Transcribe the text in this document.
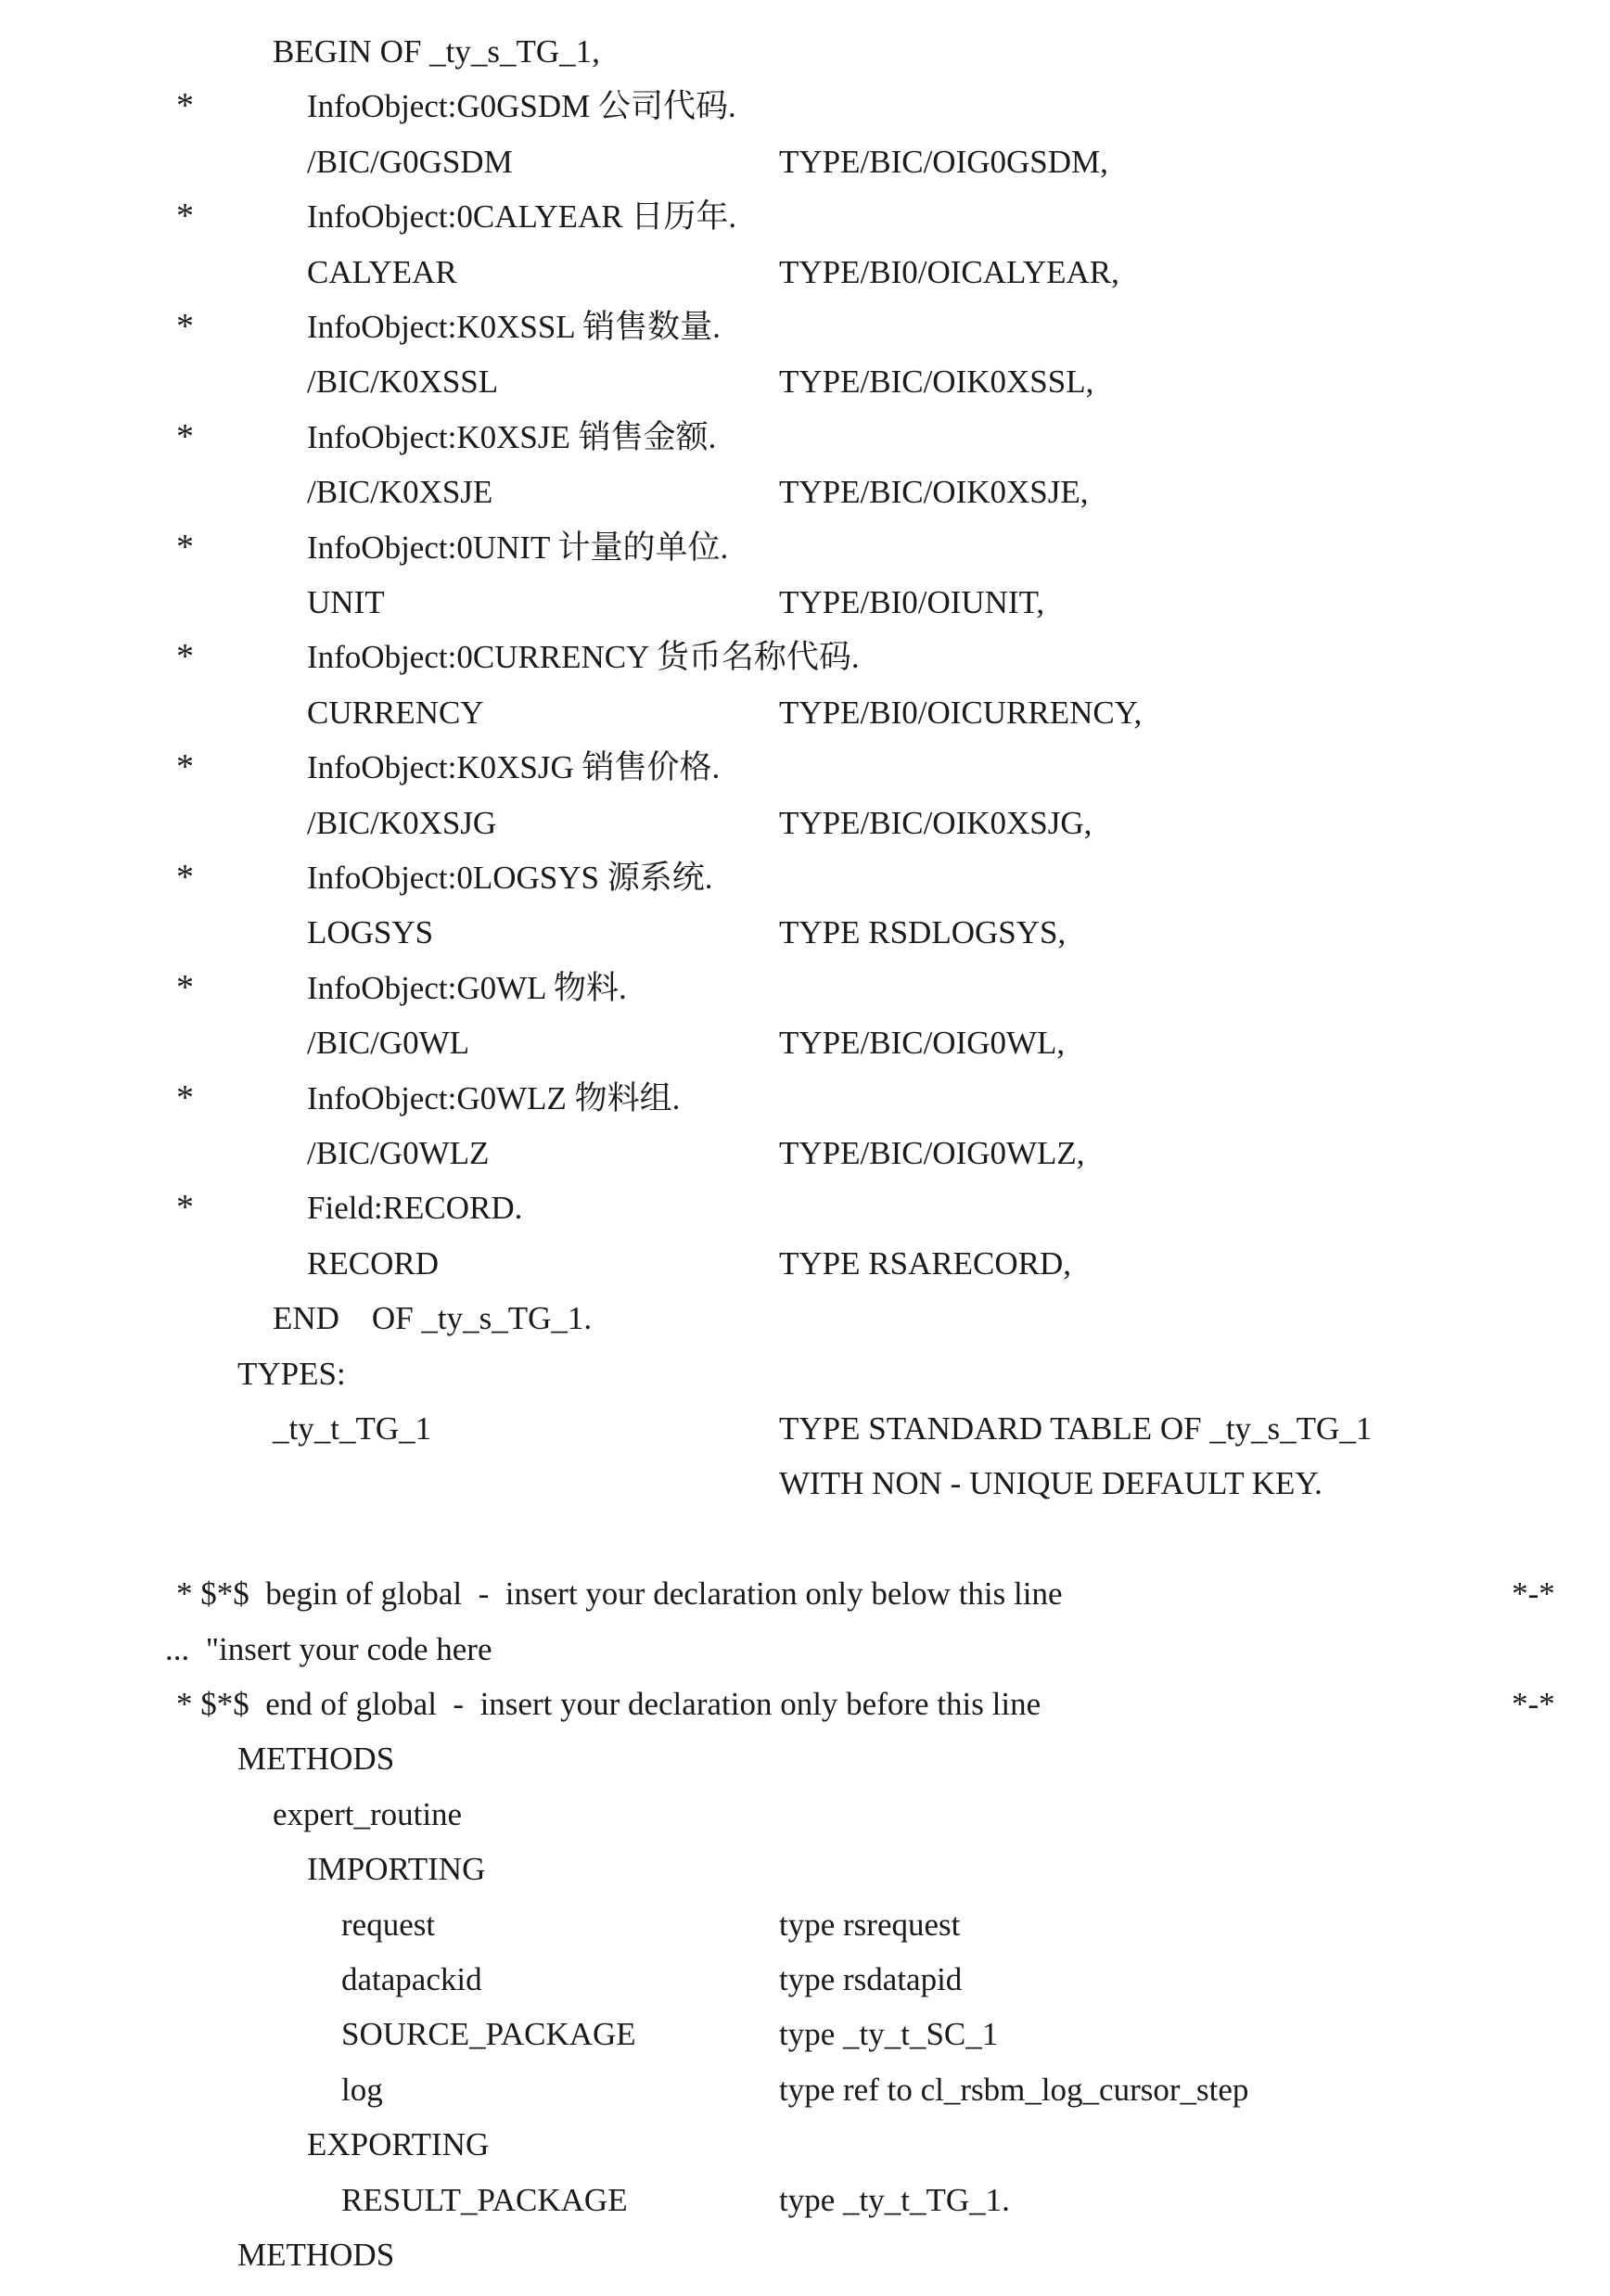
BEGIN OF _ty_s_TG_1,
*	InfoObject:G0GSDM 公司代码.
/BIC/G0GSDM	TYPE/BIC/OIG0GSDM,
*	InfoObject:0CALYEAR 日历年.
CALYEAR	TYPE/BI0/OICALYEAR,
*	InfoObject:K0XSSL 销售数量.
/BIC/K0XSSL	TYPE/BIC/OIK0XSSL,
*	InfoObject:K0XSJE 销售金额.
/BIC/K0XSJE	TYPE/BIC/OIK0XSJE,
*	InfoObject:0UNIT 计量的单位.
UNIT	TYPE/BI0/OIUNIT,
*	InfoObject:0CURRENCY 货币名称代码.
CURRENCY	TYPE/BI0/OICURRENCY,
*	InfoObject:K0XSJG 销售价格.
/BIC/K0XSJG	TYPE/BIC/OIK0XSJG,
*	InfoObject:0LOGSYS 源系统.
LOGSYS	TYPE RSDLOGSYS,
*	InfoObject:G0WL 物料.
/BIC/G0WL	TYPE/BIC/OIG0WL,
*	InfoObject:G0WLZ 物料组.
/BIC/G0WLZ	TYPE/BIC/OIG0WLZ,
*	Field:RECORD.
RECORD	TYPE RSARECORD,
END    OF _ty_s_TG_1.
TYPES:
_ty_t_TG_1	TYPE STANDARD TABLE OF _ty_s_TG_1
WITH NON - UNIQUE DEFAULT KEY.
* $*$  begin of global  -  insert your declaration only below this line	*-*
...  "insert your code here
* $*$  end of global  -  insert your declaration only before this line	*-*
METHODS
expert_routine
IMPORTING
request	type rsrequest
datapackid	type rsdatapid
SOURCE_PACKAGE	type _ty_t_SC_1
log	type ref to cl_rsbm_log_cursor_step
EXPORTING
RESULT_PACKAGE	type _ty_t_TG_1.
METHODS
